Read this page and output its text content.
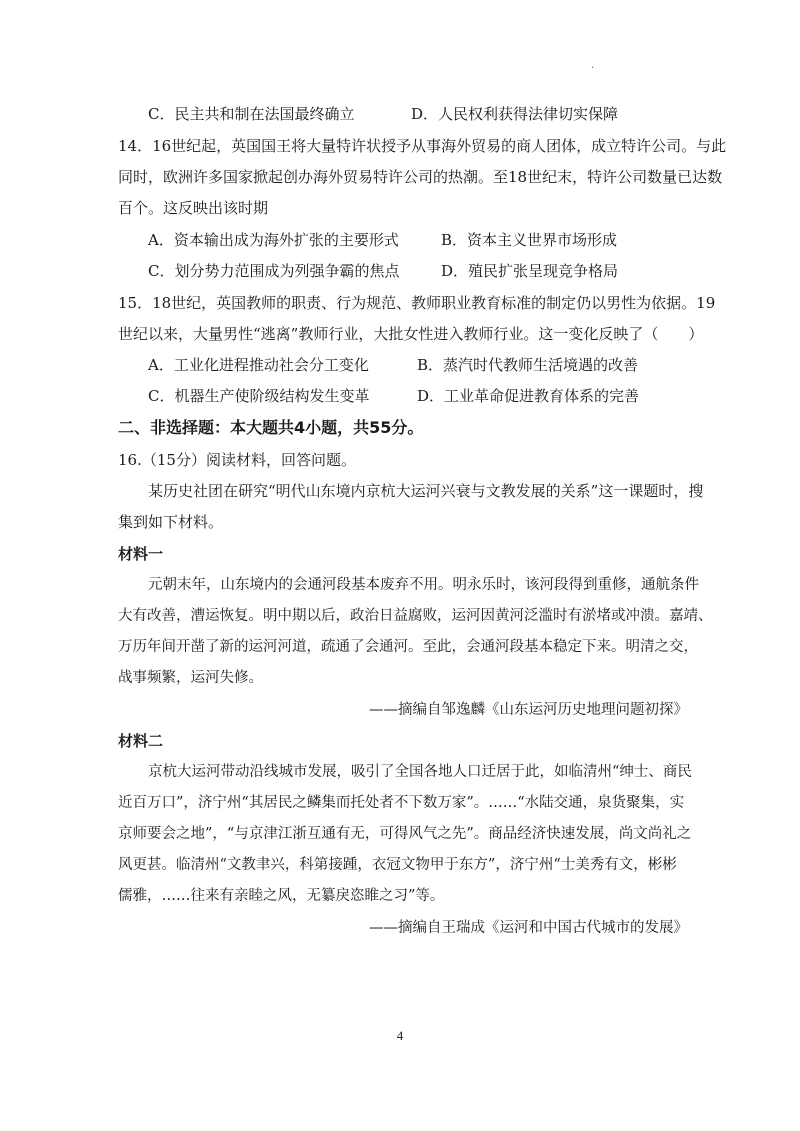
·
C．民主共和制在法国最终确立	D．人民权利获得法律切实保障
14．16世纪起，英国国王将大量特许状授予从事海外贸易的商人团体，成立特许公司。与此
同时，欧洲许多国家掀起创办海外贸易特许公司的热潮。至18世纪末，特许公司数量已达数
百个。这反映出该时期
A．资本输出成为海外扩张的主要形式	B．资本主义世界市场形成
C．划分势力范围成为列强争霸的焦点	D．殖民扩张呈现竞争格局
15．18世纪，英国教师的职责、行为规范、教师职业教育标准的制定仍以男性为依据。19
世纪以来，大量男性“逃离”教师行业，大批女性进入教师行业。这一变化反映了（　　）
A．工业化进程推动社会分工变化	B．蒸汽时代教师生活境遇的改善
C．机器生产使阶级结构发生变革	D．工业革命促进教育体系的完善
二、非选择题：本大题共4小题，共55分。
16.（15分）阅读材料，回答问题。
某历史社团在研究“明代山东境内京杭大运河兴衰与文教发展的关系”这一课题时，搜
集到如下材料。
材料一
元朝末年，山东境内的会通河段基本废弃不用。明永乐时，该河段得到重修，通航条件
大有改善，漕运恢复。明中期以后，政治日益腐败，运河因黄河泛滥时有淤堵或冲溃。嘉靖、
万历年间开凿了新的运河河道，疏通了会通河。至此，会通河段基本稳定下来。明清之交，
战事频繁，运河失修。
——摘编自邹逸麟《山东运河历史地理问题初探》
材料二
京杭大运河带动沿线城市发展，吸引了全国各地人口迁居于此，如临清州“绅士、商民
近百万口”，济宁州“其居民之鳞集而托处者不下数万家”。……“水陆交通，泉货聚集，实
京师要会之地”，“与京津江浙互通有无，可得风气之先”。商品经济快速发展，尚文尚礼之
风更甚。临清州“文教聿兴，科第接踵，衣冠文物甲于东方”，济宁州“士美秀有文，彬彬
儒雅，……往来有亲睦之风，无纂戾恣睢之习”等。
——摘编自王瑞成《运河和中国古代城市的发展》
4
